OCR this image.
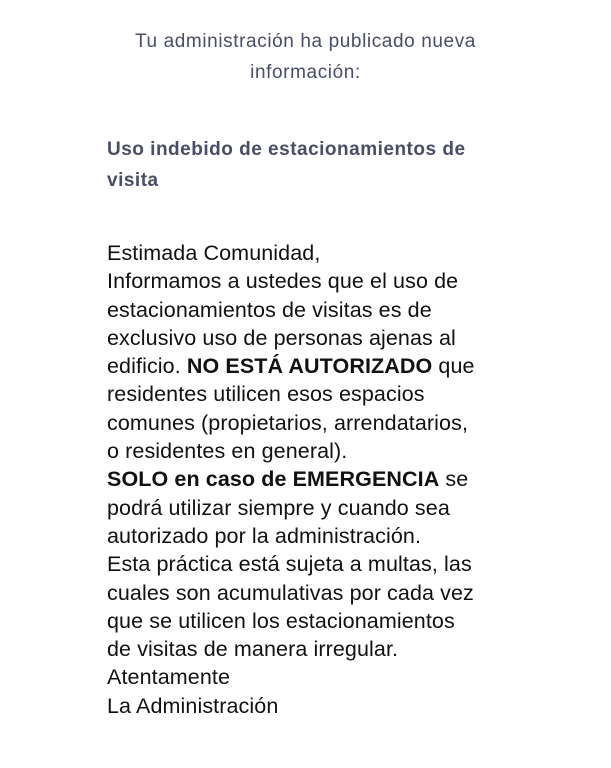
Tu administración ha publicado nueva
información:
Uso indebido de estacionamientos de
visita
Estimada Comunidad,
Informamos a ustedes que el uso de
estacionamientos de visitas es de
exclusivo uso de personas ajenas al
edificio. NO ESTÁ AUTORIZADO que
residentes utilicen esos espacios
comunes (propietarios, arrendatarios,
o residentes en general).
SOLO en caso de EMERGENCIA se
podrá utilizar siempre y cuando sea
autorizado por la administración.
Esta práctica está sujeta a multas, las
cuales son acumulativas por cada vez
que se utilicen los estacionamientos
de visitas de manera irregular.
Atentamente
La Administración
